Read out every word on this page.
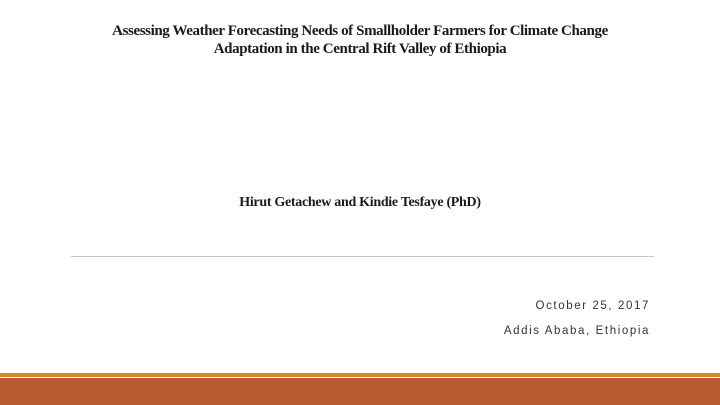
Assessing Weather Forecasting Needs of Smallholder Farmers for Climate Change
Adaptation in the Central Rift Valley of Ethiopia
Hirut Getachew and Kindie Tesfaye (PhD)
October 25, 2017
Addis Ababa, Ethiopia
